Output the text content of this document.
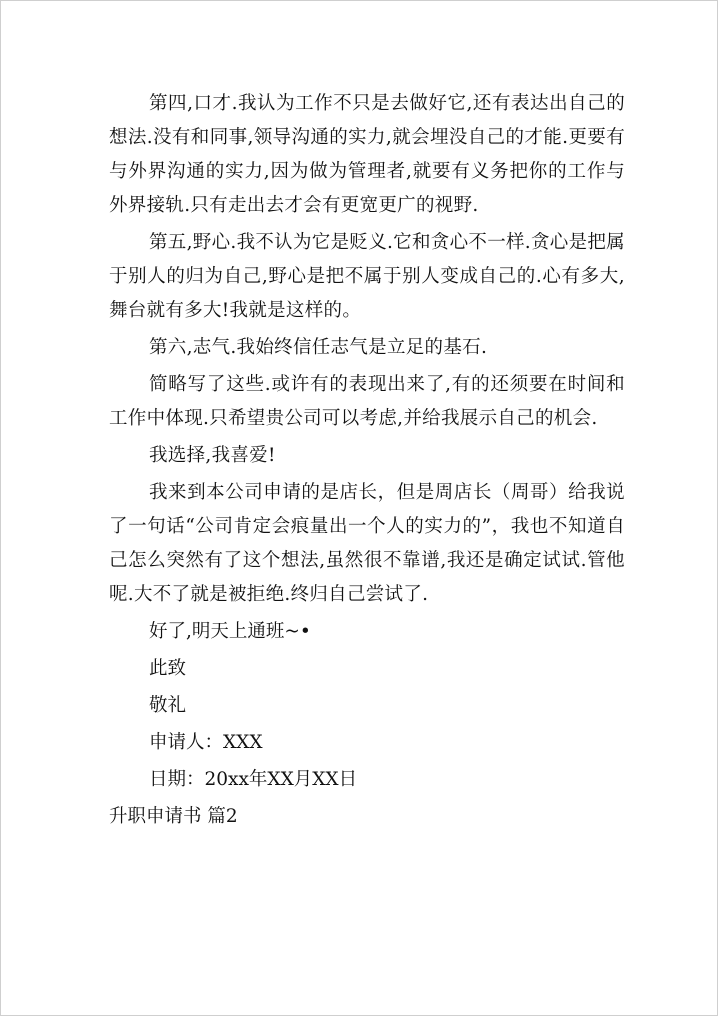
第四,口才.我认为工作不只是去做好它,还有表达出自己的想法.没有和同事,领导沟通的实力,就会埋没自己的才能.更要有与外界沟通的实力,因为做为管理者,就要有义务把你的工作与外界接轨.只有走出去才会有更宽更广的视野.

第五,野心.我不认为它是贬义.它和贪心不一样.贪心是把属于别人的归为自己,野心是把不属于别人变成自己的.心有多大,舞台就有多大!我就是这样的。

第六,志气.我始终信任志气是立足的基石.

简略写了这些.或许有的表现出来了,有的还须要在时间和工作中体现.只希望贵公司可以考虑,并给我展示自己的机会.

我选择,我喜爱!

我来到本公司申请的是店长，但是周店长（周哥）给我说了一句话“公司肯定会痕量出一个人的实力的”，我也不知道自己怎么突然有了这个想法,虽然很不靠谱,我还是确定试试.管他呢.大不了就是被拒绝.终归自己尝试了.

好了,明天上通班~•

此致

敬礼

申请人：XXX

日期：20xx年XX月XX日

升职申请书 篇2
